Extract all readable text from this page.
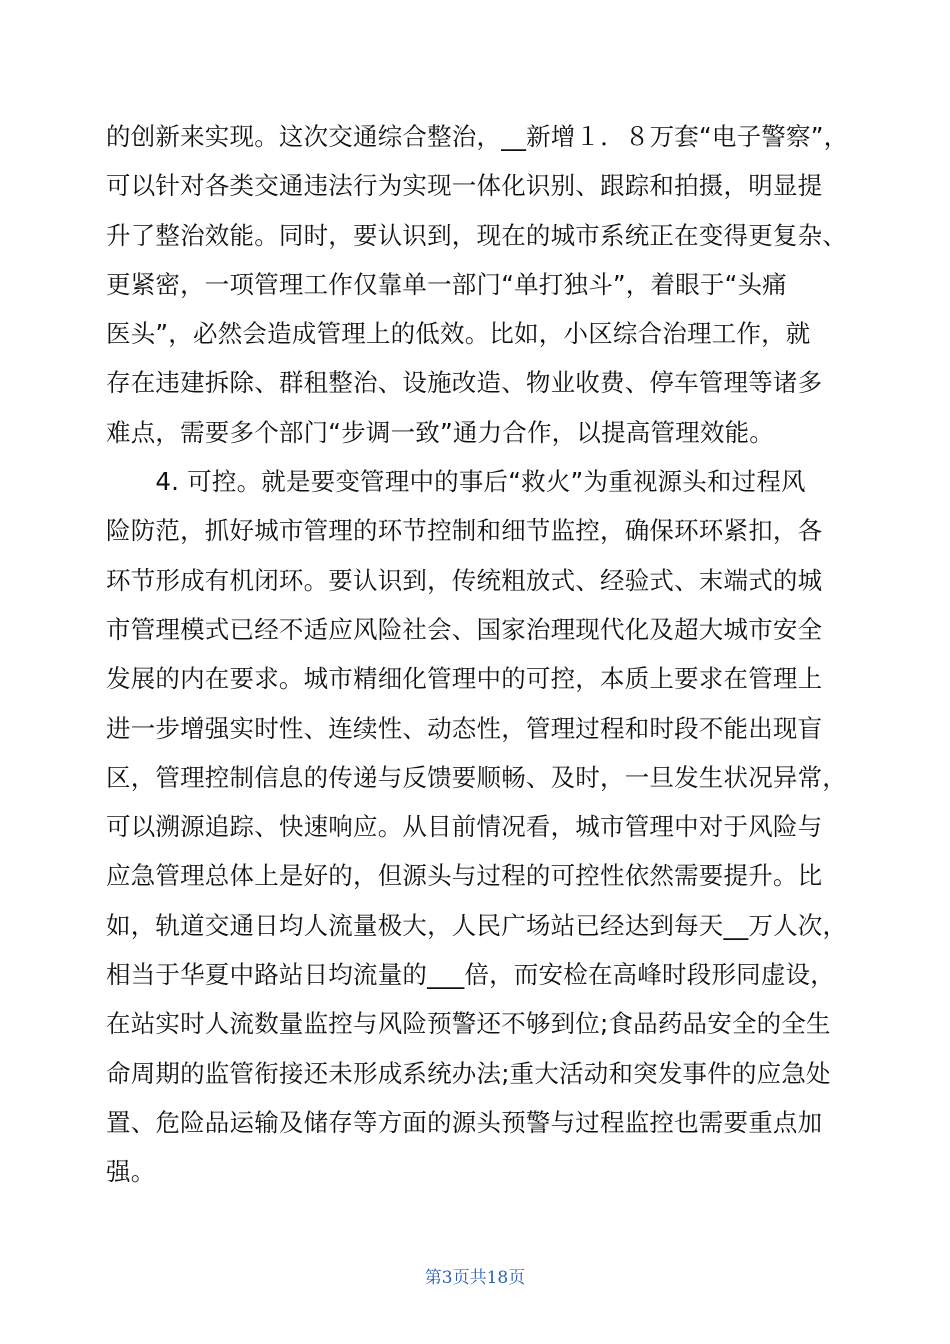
的创新来实现。这次交通综合整治，__新增１．８万套“电子警察”，
可以针对各类交通违法行为实现一体化识别、跟踪和拍摄，明显提
升了整治效能。同时，要认识到，现在的城市系统正在变得更复杂、
更紧密，一项管理工作仅靠单一部门“单打独斗”，着眼于“头痛
医头”，必然会造成管理上的低效。比如，小区综合治理工作，就
存在违建拆除、群租整治、设施改造、物业收费、停车管理等诸多
难点，需要多个部门“步调一致”通力合作，以提高管理效能。
　　4. 可控。就是要变管理中的事后“救火”为重视源头和过程风
险防范，抓好城市管理的环节控制和细节监控，确保环环紧扣，各
环节形成有机闭环。要认识到，传统粗放式、经验式、末端式的城
市管理模式已经不适应风险社会、国家治理现代化及超大城市安全
发展的内在要求。城市精细化管理中的可控，本质上要求在管理上
进一步增强实时性、连续性、动态性，管理过程和时段不能出现盲
区，管理控制信息的传递与反馈要顺畅、及时，一旦发生状况异常，
可以溯源追踪、快速响应。从目前情况看，城市管理中对于风险与
应急管理总体上是好的，但源头与过程的可控性依然需要提升。比
如，轨道交通日均人流量极大，人民广场站已经达到每天__万人次，
相当于华夏中路站日均流量的___倍，而安检在高峰时段形同虚设，
在站实时人流数量监控与风险预警还不够到位;食品药品安全的全生
命周期的监管衔接还未形成系统办法;重大活动和突发事件的应急处
置、危险品运输及储存等方面的源头预警与过程监控也需要重点加
强。
第3页共18页
